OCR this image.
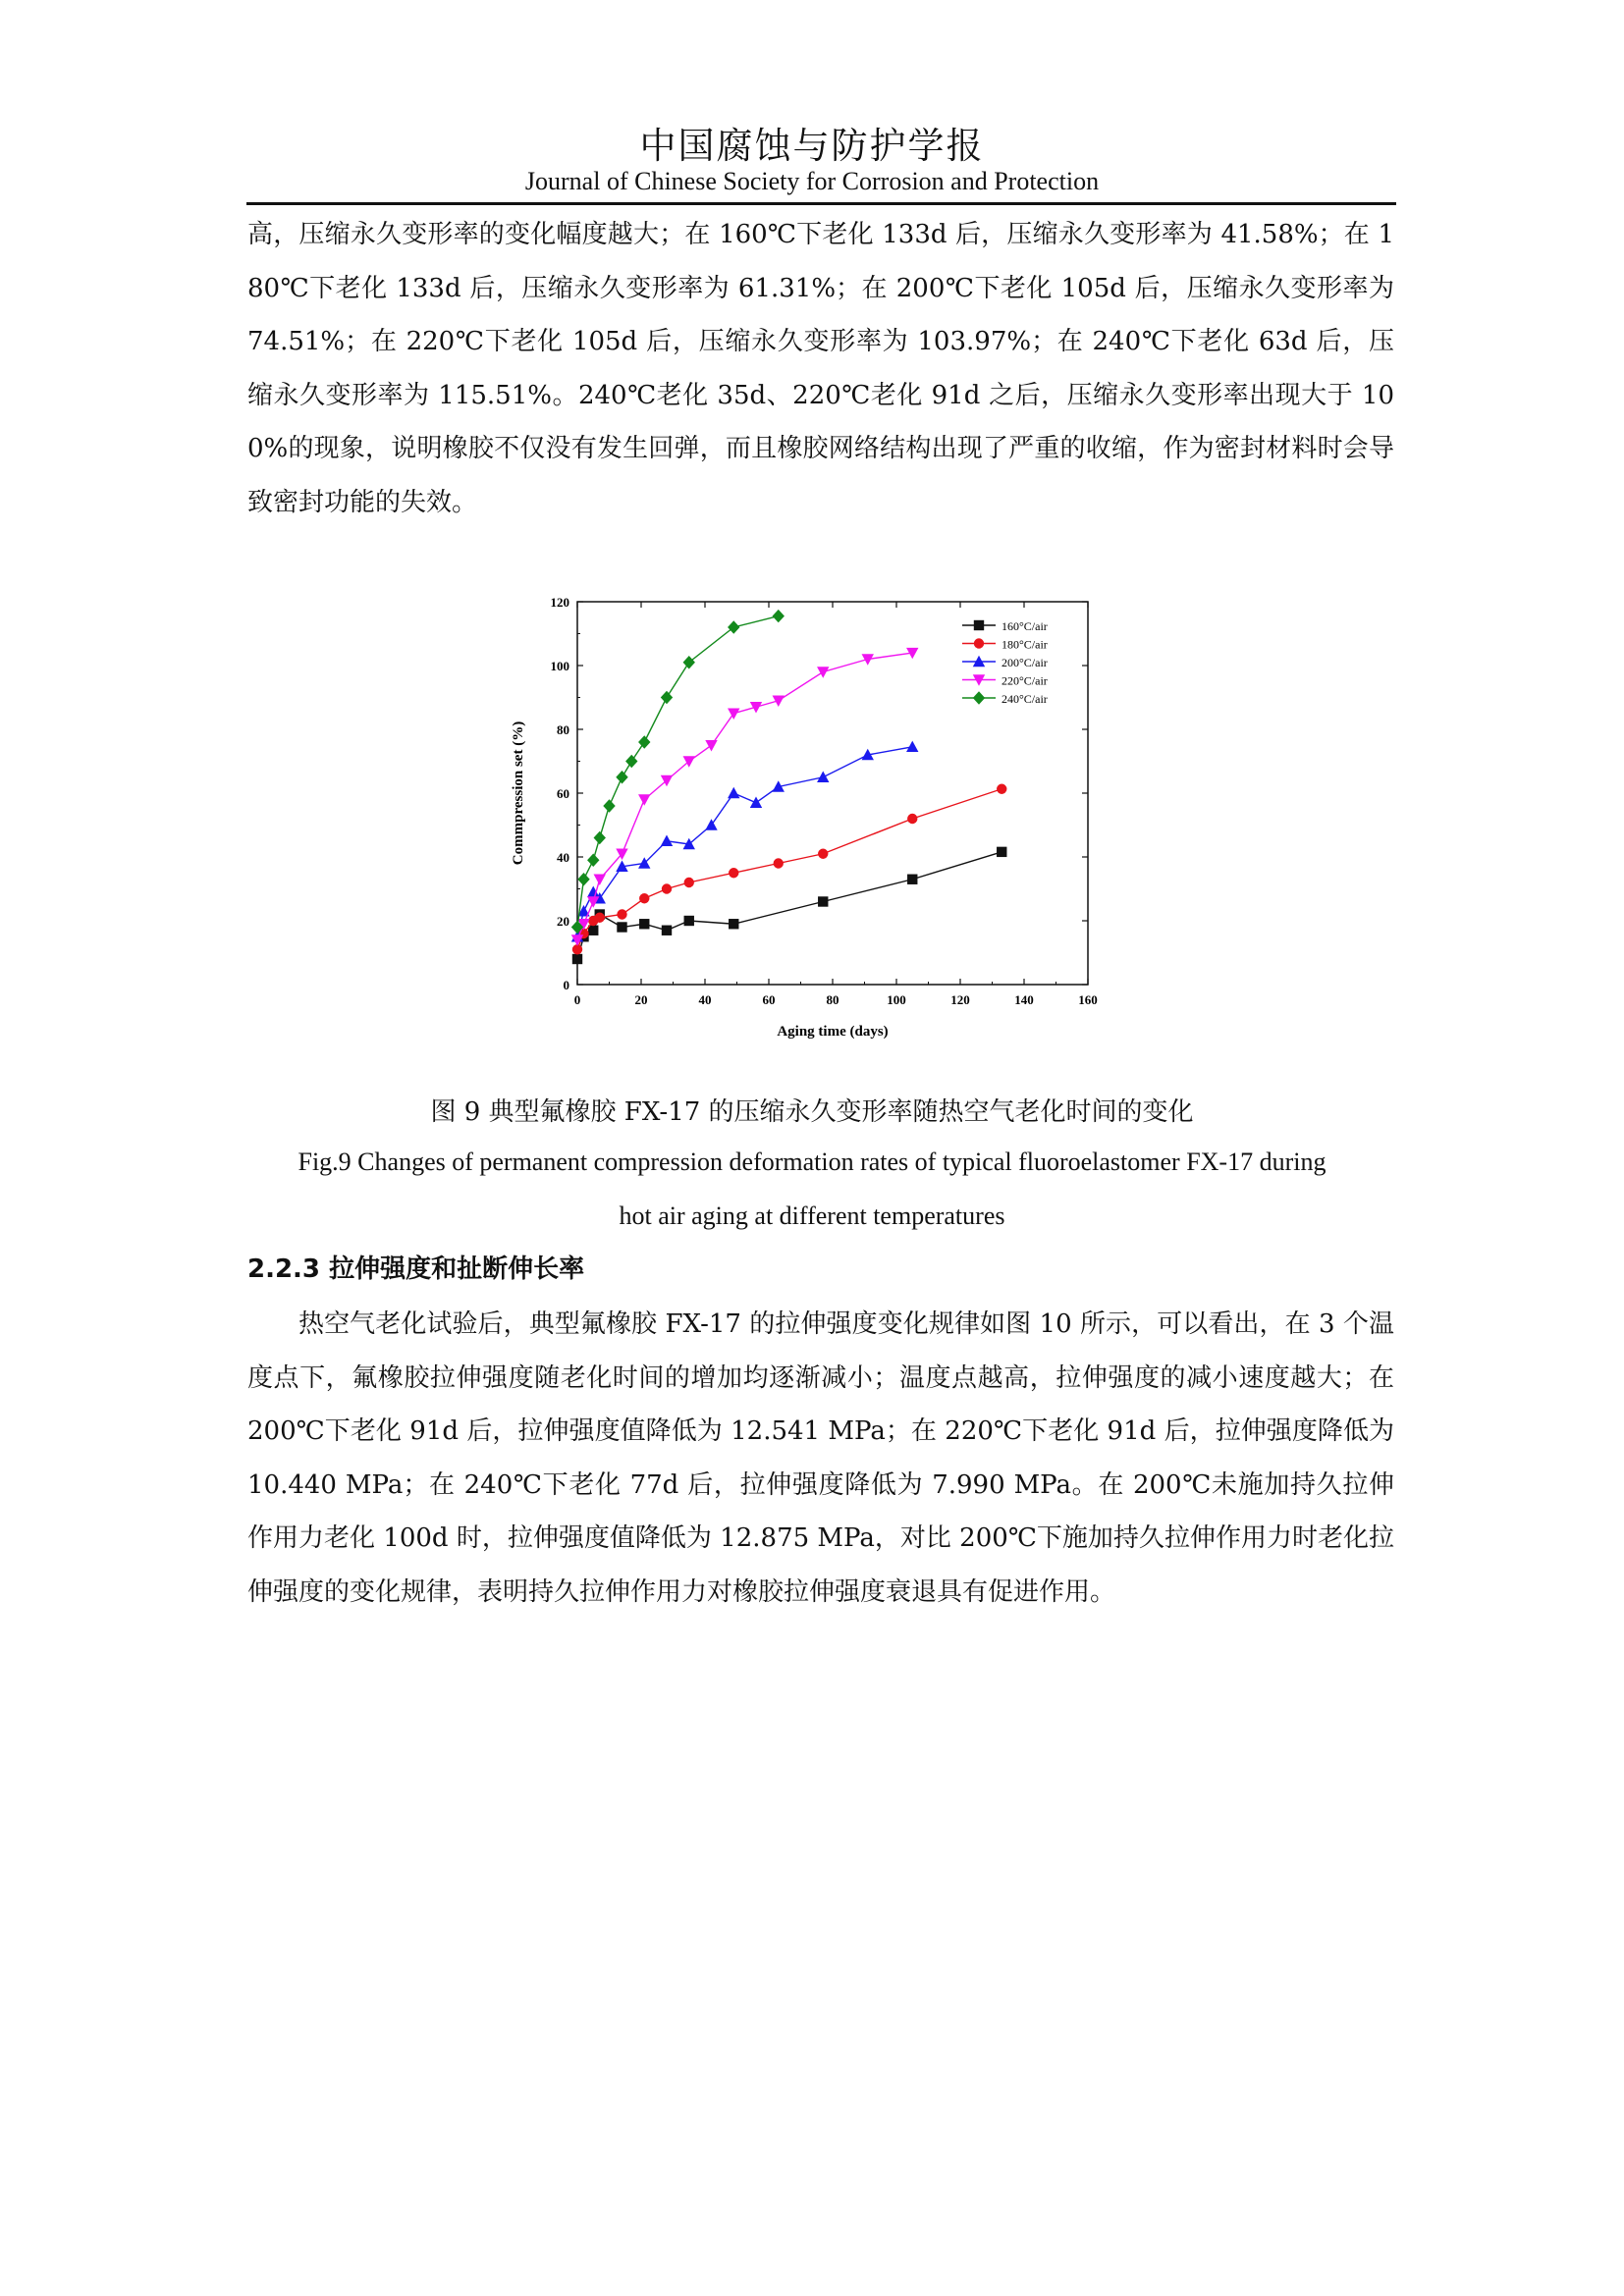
中国腐蚀与防护学报
Journal of Chinese Society for Corrosion and Protection
高，压缩永久变形率的变化幅度越大；在 160℃下老化 133d 后，压缩永久变形率为 41.58%；在 180℃下老化 133d 后，压缩永久变形率为 61.31%；在 200℃下老化 105d 后，压缩永久变形率为 74.51%；在 220℃下老化 105d 后，压缩永久变形率为 103.97%；在 240℃下老化 63d 后，压缩永久变形率为 115.51%。240℃老化 35d、220℃老化 91d 之后，压缩永久变形率出现大于 100%的现象，说明橡胶不仅没有发生回弹，而且橡胶网络结构出现了严重的收缩，作为密封材料时会导致密封功能的失效。
0	20	40	60	80	100	120	140	160
0
20
40
60
80
100
120
160°C/air
180°C/air
200°C/air
220°C/air
240°C/air
Aging time (days)
Commpression set (%)
图 9 典型氟橡胶 FX-17 的压缩永久变形率随热空气老化时间的变化
Fig.9 Changes of permanent compression deformation rates of typical fluoroelastomer FX-17 during
hot air aging at different temperatures
2.2.3 拉伸强度和扯断伸长率
热空气老化试验后，典型氟橡胶 FX-17 的拉伸强度变化规律如图 10 所示，可以看出，在 3 个温度点下，氟橡胶拉伸强度随老化时间的增加均逐渐减小；温度点越高，拉伸强度的减小速度越大；在 200℃下老化 91d 后，拉伸强度值降低为 12.541 MPa；在 220℃下老化 91d 后，拉伸强度降低为 10.440 MPa；在 240℃下老化 77d 后，拉伸强度降低为 7.990 MPa。在 200℃未施加持久拉伸作用力老化 100d 时，拉伸强度值降低为 12.875 MPa，对比 200℃下施加持久拉伸作用力时老化拉伸强度的变化规律，表明持久拉伸作用力对橡胶拉伸强度衰退具有促进作用。
